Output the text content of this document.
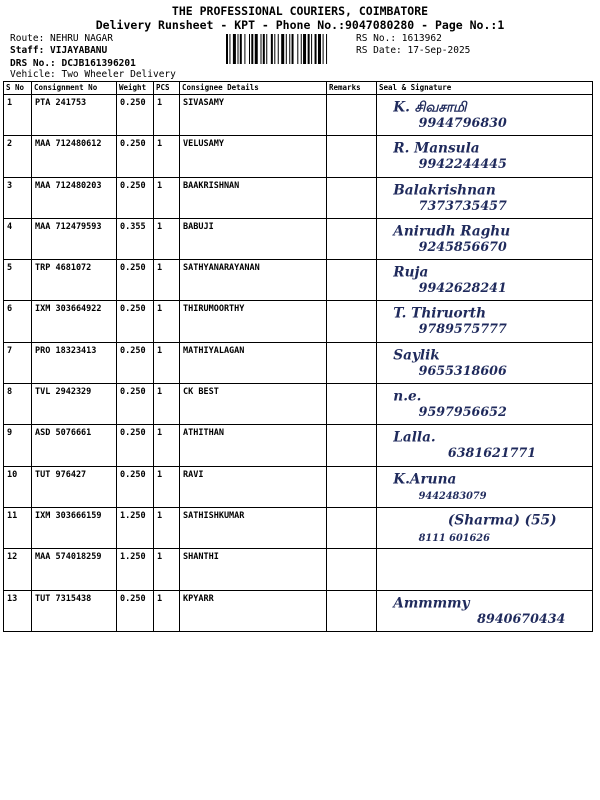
THE PROFESSIONAL COURIERS, COIMBATORE
Delivery Runsheet - KPT - Phone No.:9047080280 - Page No.:1
Route: NEHRU NAGAR
Staff: VIJAYABANU
DRS No.: DCJB161396201
Vehicle: Two Wheeler Delivery
RS No.: 1613962
RS Date: 17-Sep-2025
S No	Consignment No	Weight	PCS	Consignee Details	Remarks	Seal & Signature
1	PTA 241753	0.250	1	SIVASAMY		K. சிவசாமி
9944796830

2	MAA 712480612	0.250	1	VELUSAMY		R. Mansula
9942244445

3	MAA 712480203	0.250	1	BAAKRISHNAN		Balakrishnan
7373735457

4	MAA 712479593	0.355	1	BABUJI		Anirudh Raghu
9245856670

5	TRP 4681072	0.250	1	SATHYANARAYANAN		Ruja
9942628241

6	IXM 303664922	0.250	1	THIRUMOORTHY		T. Thiruorth
9789575777

7	PRO 18323413	0.250	1	MATHIYALAGAN		Saylik
9655318606

8	TVL 2942329	0.250	1	CK BEST		n.e.
9597956652

9	ASD 5076661	0.250	1	ATHITHAN		Lalla.
6381621771

10	TUT 976427	0.250	1	RAVI		K.Aruna
9442483079

11	IXM 303666159	1.250	1	SATHISHKUMAR		(Sharma) (55)
8111 601626

12	MAA 574018259	1.250	1	SHANTHI		

13	TUT 7315438	0.250	1	KPYARR		Ammmmy
8940670434
